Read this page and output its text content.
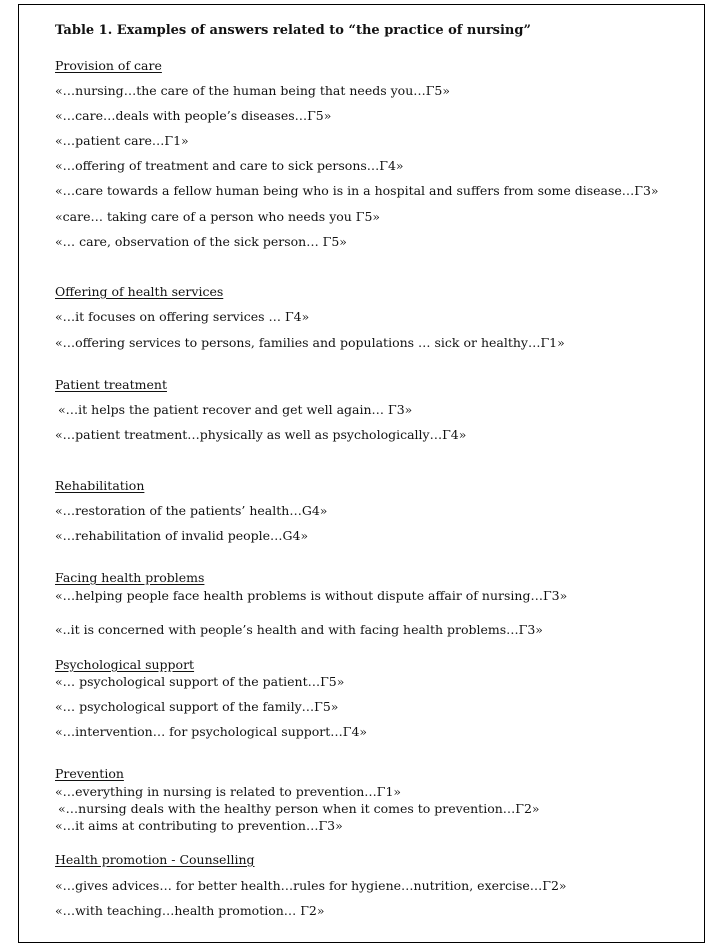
Table 1. Examples of answers related to “the practice of nursing”
Provision of care
«…nursing…the care of the human being that needs you…Γ5»
«…care…deals with people’s diseases…Γ5»
«…patient care…Γ1»
«…offering of treatment and care to sick persons…Γ4»
«…care towards a fellow human being who is in a hospital and suffers from some disease…Γ3»
«care… taking care of a person who needs you Γ5»
«… care, observation of the sick person… Γ5»
Offering of health services
«…it focuses on offering services … Γ4»
«…offering services to persons, families and populations … sick or healthy…Γ1»
Patient treatment
«…it helps the patient recover and get well again… Γ3»
«…patient treatment…physically as well as psychologically…Γ4»
Rehabilitation
«…restoration of the patients’ health…G4»
«…rehabilitation of invalid people…G4»
Facing health problems
«…helping people face health problems is without dispute affair of nursing…Γ3»
«..it is concerned with people’s health and with facing health problems…Γ3»
Psychological support
«… psychological support of the patient…Γ5»
«… psychological support of the family…Γ5»
«…intervention… for psychological support…Γ4»
Prevention
«…everything in nursing is related to prevention…Γ1»
«…nursing deals with the healthy person when it comes to prevention…Γ2»
«…it aims at contributing to prevention…Γ3»
Health promotion - Counselling
«…gives advices… for better health…rules for hygiene…nutrition, exercise…Γ2»
«…with teaching…health promotion… Γ2»
